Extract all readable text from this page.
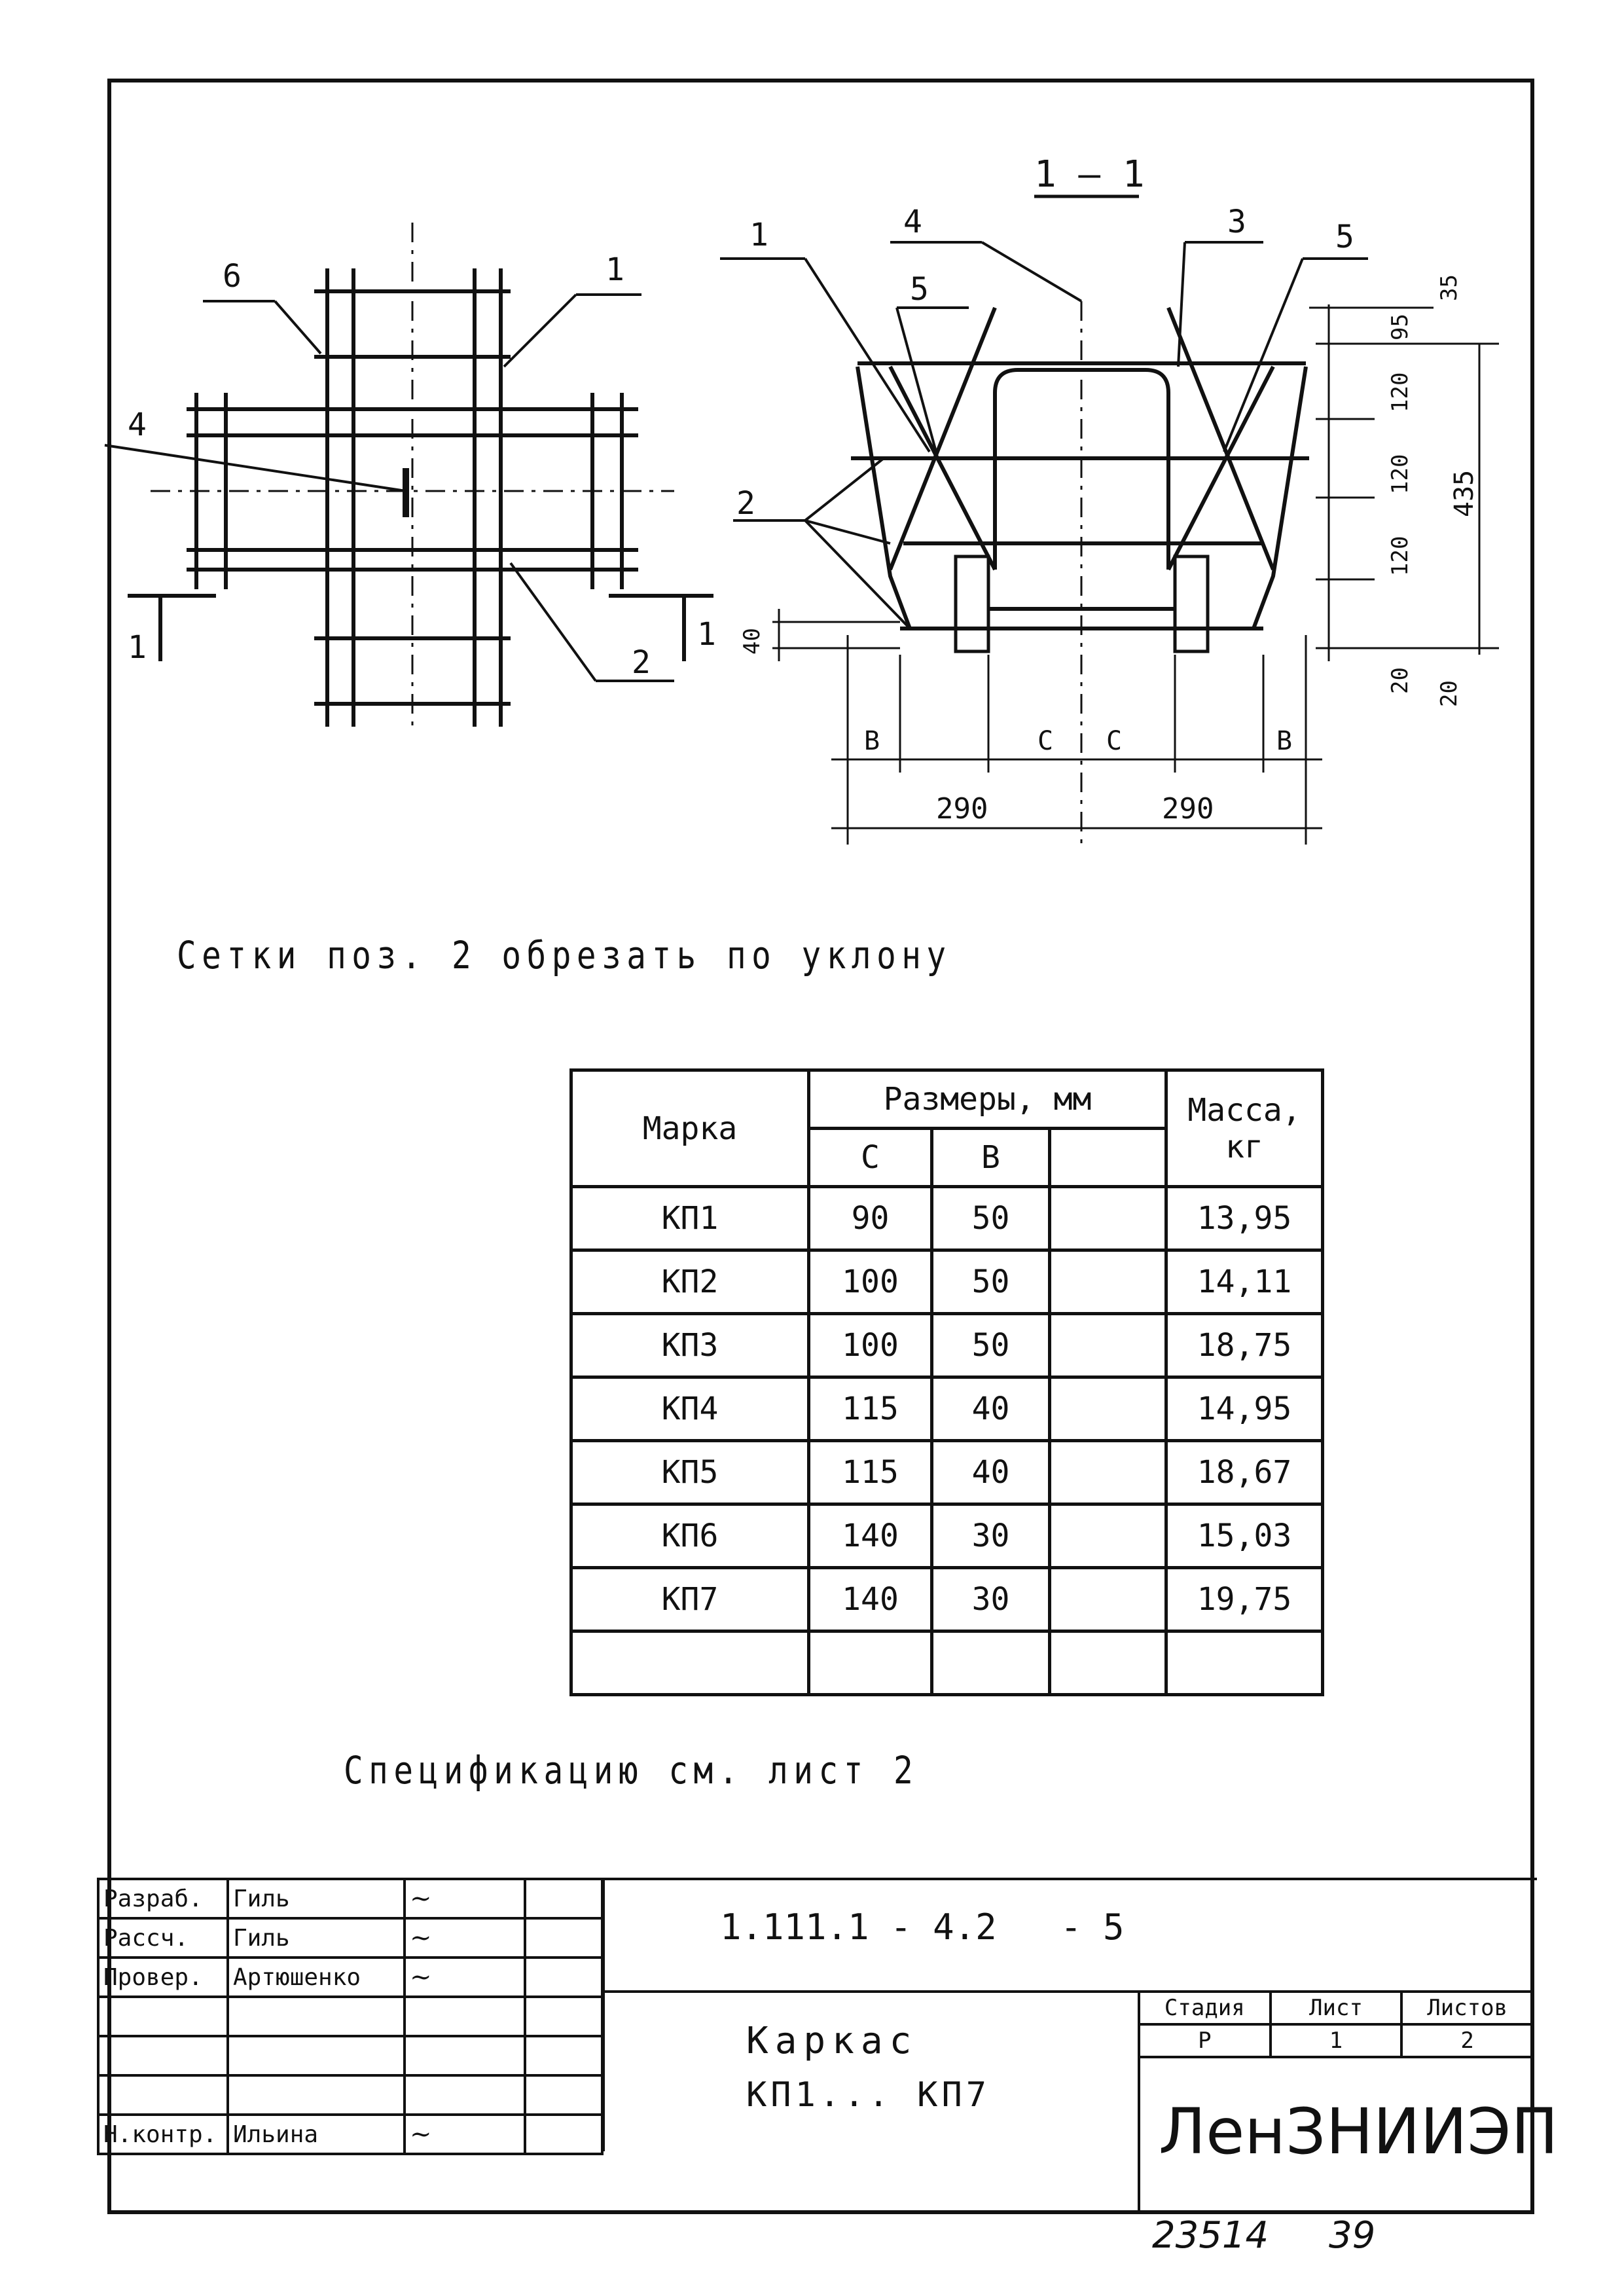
6	1
4
2
1	1
1 – 1
1	4
5
3	5
2
35
95
120
120
120
435
40
20 20
B	C C	B
290	290
Сетки поз. 2 обрезать по уклону
Марка	Размеры, мм			Масса, кг
	C	B		
КП1	90	50		13,95
КП2	100	50		14,11
КП3	100	50		18,75
КП4	115	40		14,95
КП5	115	40		18,67
КП6	140	30		15,03
КП7	140	30		19,75

Спецификацию см. лист 2
Разраб.	Гиль	~	
Рассч.	Гиль	~	
Провер.	Артюшенко	~	

Н.контр.	Ильина	~	
1.111.1 - 4.2 - 5
Каркас
КП1... КП7
Стадия	Лист	Листов
Р	1	2
ЛенЗНИИЭП
23514 39
